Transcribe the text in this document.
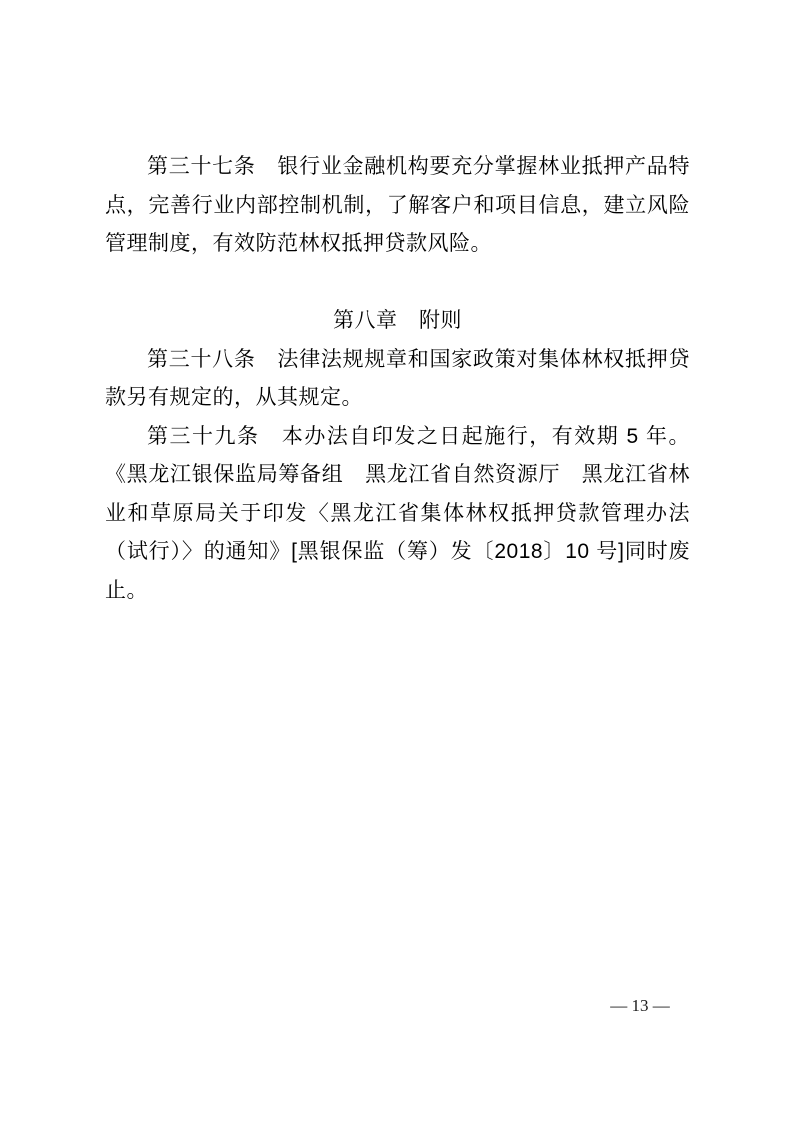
第三十七条　银行业金融机构要充分掌握林业抵押产品特点，完善行业内部控制机制，了解客户和项目信息，建立风险管理制度，有效防范林权抵押贷款风险。

第八章　附则

第三十八条　法律法规规章和国家政策对集体林权抵押贷款另有规定的，从其规定。

第三十九条　本办法自印发之日起施行，有效期 5 年。《黑龙江银保监局筹备组　黑龙江省自然资源厅　黑龙江省林业和草原局关于印发〈黑龙江省集体林权抵押贷款管理办法（试行）〉的通知》[黑银保监（筹）发〔2018〕10 号]同时废止。

— 13 —
